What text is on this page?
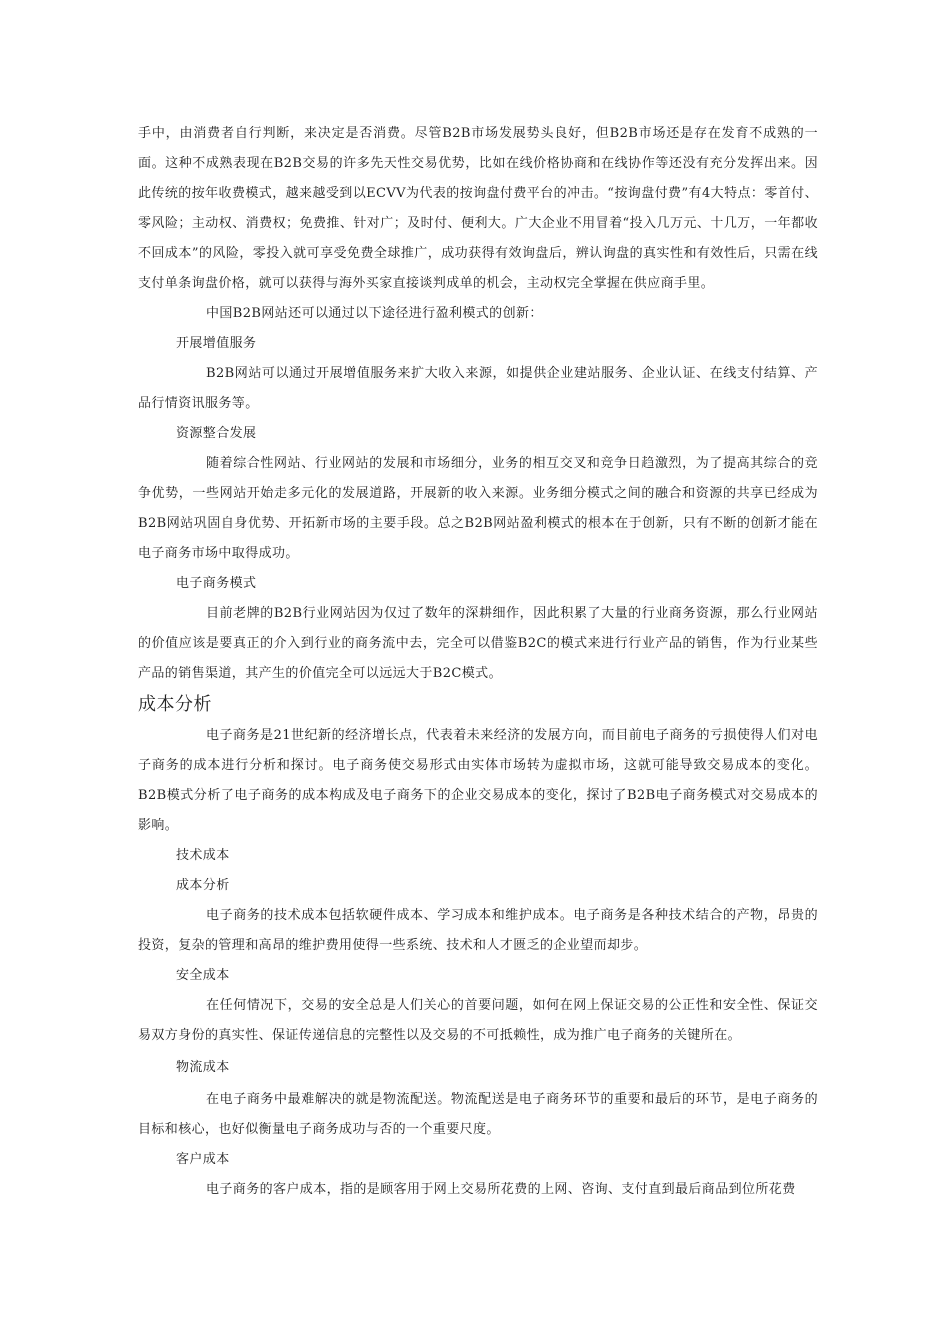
手中，由消费者自行判断，来决定是否消费。尽管B2B市场发展势头良好，但B2B市场还是存在发育不成熟的一面。这种不成熟表现在B2B交易的许多先天性交易优势，比如在线价格协商和在线协作等还没有充分发挥出来。因此传统的按年收费模式，越来越受到以ECVV为代表的按询盘付费平台的冲击。“按询盘付费”有4大特点：零首付、零风险；主动权、消费权；免费推、针对广；及时付、便利大。广大企业不用冒着“投入几万元、十几万，一年都收不回成本”的风险，零投入就可享受免费全球推广，成功获得有效询盘后，辨认询盘的真实性和有效性后，只需在线支付单条询盘价格，就可以获得与海外买家直接谈判成单的机会，主动权完全掌握在供应商手里。

中国B2B网站还可以通过以下途径进行盈利模式的创新：

开展增值服务

B2B网站可以通过开展增值服务来扩大收入来源，如提供企业建站服务、企业认证、在线支付结算、产品行情资讯服务等。

资源整合发展

随着综合性网站、行业网站的发展和市场细分，业务的相互交叉和竞争日趋激烈，为了提高其综合的竞争优势，一些网站开始走多元化的发展道路，开展新的收入来源。业务细分模式之间的融合和资源的共享已经成为B2B网站巩固自身优势、开拓新市场的主要手段。总之B2B网站盈利模式的根本在于创新，只有不断的创新才能在电子商务市场中取得成功。

电子商务模式

目前老牌的B2B行业网站因为仅过了数年的深耕细作，因此积累了大量的行业商务资源，那么行业网站的价值应该是要真正的介入到行业的商务流中去，完全可以借鉴B2C的模式来进行行业产品的销售，作为行业某些产品的销售渠道，其产生的价值完全可以远远大于B2C模式。

成本分析

电子商务是21世纪新的经济增长点，代表着未来经济的发展方向，而目前电子商务的亏损使得人们对电子商务的成本进行分析和探讨。电子商务使交易形式由实体市场转为虚拟市场，这就可能导致交易成本的变化。B2B模式分析了电子商务的成本构成及电子商务下的企业交易成本的变化，探讨了B2B电子商务模式对交易成本的影响。

技术成本

成本分析

电子商务的技术成本包括软硬件成本、学习成本和维护成本。电子商务是各种技术结合的产物，昂贵的投资，复杂的管理和高昂的维护费用使得一些系统、技术和人才匮乏的企业望而却步。

安全成本

在任何情况下，交易的安全总是人们关心的首要问题，如何在网上保证交易的公正性和安全性、保证交易双方身份的真实性、保证传递信息的完整性以及交易的不可抵赖性，成为推广电子商务的关键所在。

物流成本

在电子商务中最难解决的就是物流配送。物流配送是电子商务环节的重要和最后的环节，是电子商务的目标和核心，也好似衡量电子商务成功与否的一个重要尺度。

客户成本

电子商务的客户成本，指的是顾客用于网上交易所花费的上网、咨询、支付直到最后商品到位所花费
